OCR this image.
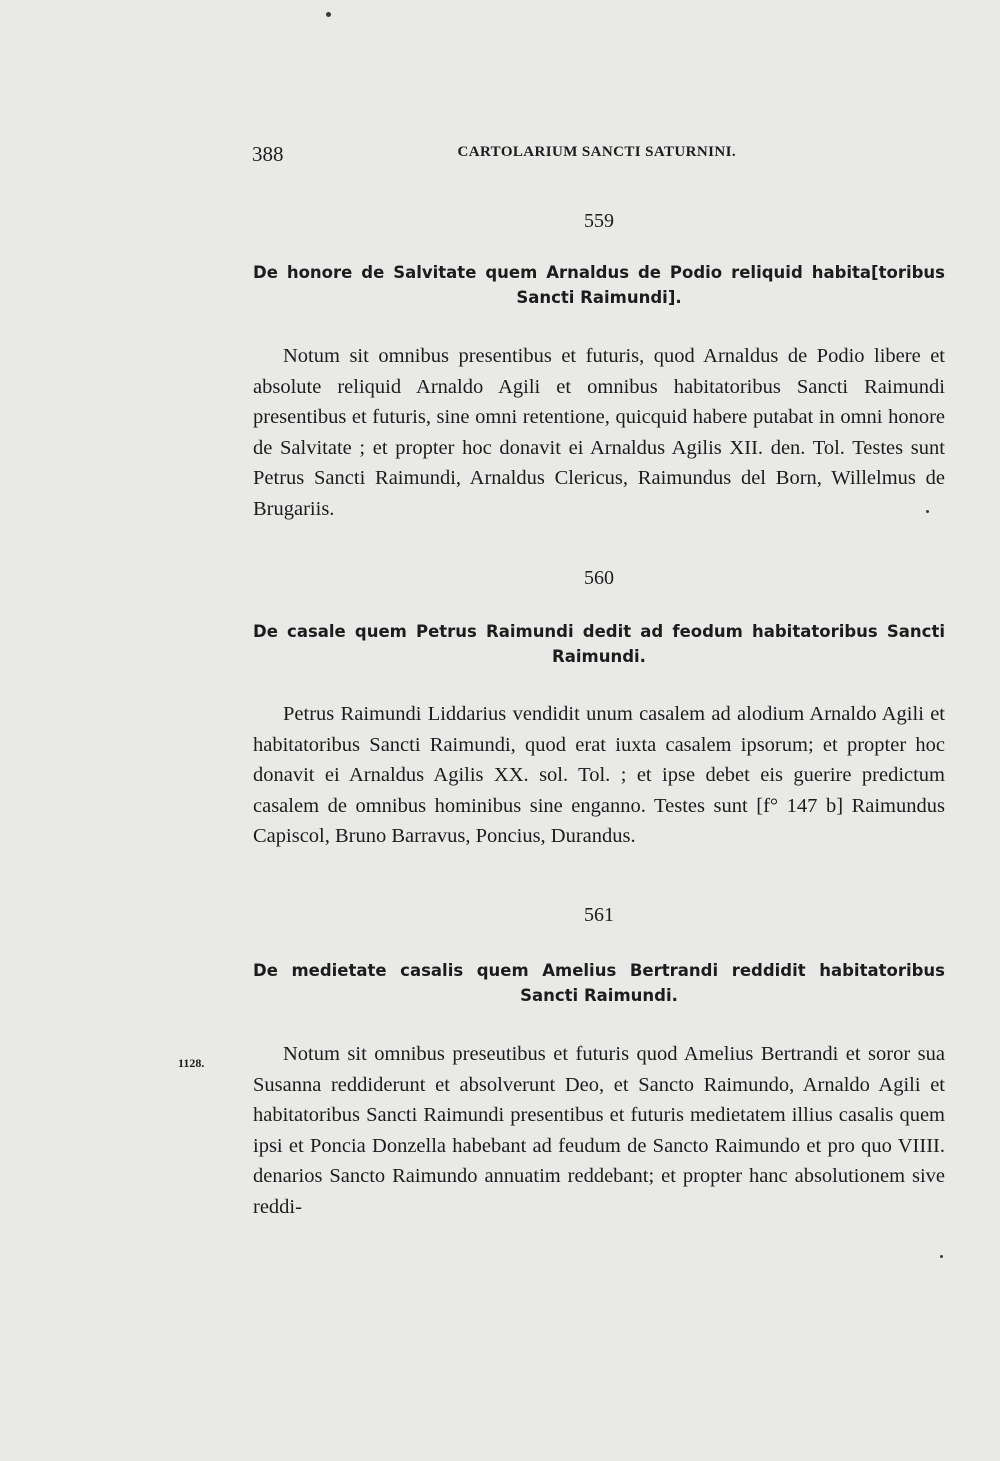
388	CARTOLARIUM SANCTI SATURNINI.

559

De honore de Salvitate quem Arnaldus de Podio reliquid habita[toribus Sancti Raimundi].

Notum sit omnibus presentibus et futuris, quod Arnaldus de Podio libere et absolute reliquid Arnaldo Agili et omnibus habitatoribus Sancti Raimundi presentibus et futuris, sine omni retentione, quicquid habere putabat in omni honore de Salvitate ; et propter hoc donavit ei Arnaldus Agilis XII. den. Tol. Testes sunt Petrus Sancti Raimundi, Arnaldus Clericus, Raimundus del Born, Willelmus de Brugariis.

560

De casale quem Petrus Raimundi dedit ad feodum habitatoribus Sancti Raimundi.

Petrus Raimundi Liddarius vendidit unum casalem ad alodium Arnaldo Agili et habitatoribus Sancti Raimundi, quod erat iuxta casalem ipsorum; et propter hoc donavit ei Arnaldus Agilis XX. sol. Tol. ; et ipse debet eis guerire predictum casalem de omnibus hominibus sine enganno. Testes sunt [f° 147 b] Raimundus Capiscol, Bruno Barravus, Poncius, Durandus.

561

De medietate casalis quem Amelius Bertrandi reddidit habitatoribus Sancti Raimundi.

1128.	Notum sit omnibus preseutibus et futuris quod Amelius Bertrandi et soror sua Susanna reddiderunt et absolverunt Deo, et Sancto Raimundo, Arnaldo Agili et habitatoribus Sancti Raimundi presentibus et futuris medietatem illius casalis quem ipsi et Poncia Donzella habebant ad feudum de Sancto Raimundo et pro quo VIIII. denarios Sancto Raimundo annuatim reddebant; et propter hanc absolutionem sive reddi-
